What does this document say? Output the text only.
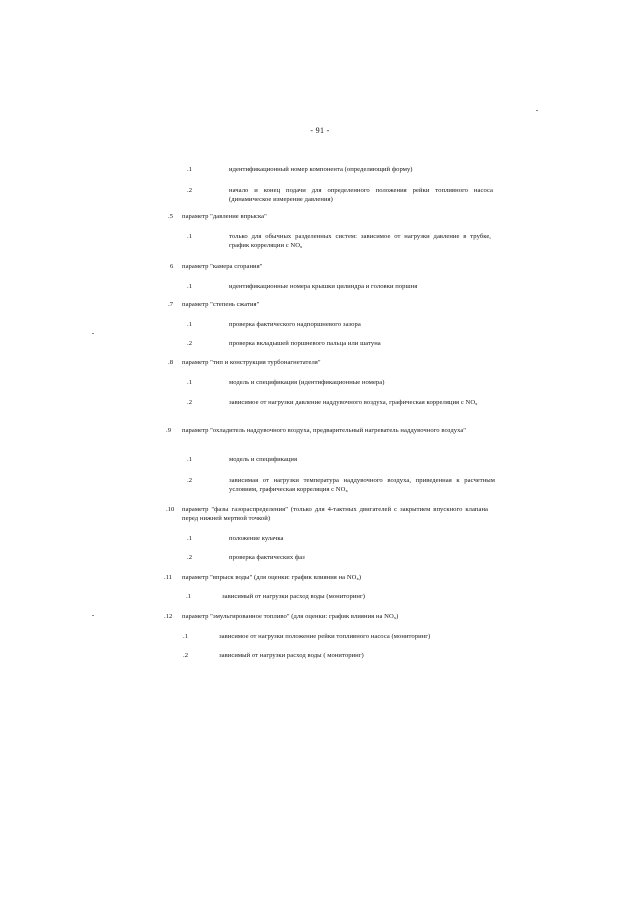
- 91 -
.1	идентификационный номер компонента (определяющий форму)
.2	начало и конец подачи для определенного положения рейки топливного насоса (динамическое измерение давления)
.5 параметр "давление впрыска"
.1	только для обычных разделенных систем: зависимое от нагрузки давление в трубке, график корреляции с $NO_x$
6 параметр "камера сгорания"
.1	идентификационные номера крышки цилиндра и головки поршня
.7 параметр "степень сжатия"
.1	проверка фактического надпоршневого зазора
.2	проверка вкладышей поршневого пальца или шатуна
.8 параметр "тип и конструкция турбонагнетателя"
.1	модель и спецификация (идентификационные номера)
.2	зависимое от нагрузки давление наддувочного воздуха, графическая корреляция с $NO_x$
.9 параметр "охладитель наддувочного воздуха, предварительный нагреватель наддувочного воздуха"
.1	модель и спецификация
.2	зависимая от нагрузки температура наддувочного воздуха, приведенная к расчетным условиям, графическая корреляция с $NO_x$
.10 параметр "фазы газораспределения" (только для 4-тактных двигателей с закрытием впускного клапана перед нижней мертвой точкой)
.1	положение кулачка
.2	проверка фактических фаз
.11 параметр "впрыск воды" (для оценки: график влияния на $NO_x$)
.1	зависимый от нагрузки расход воды (мониторинг)
.12 параметр "эмульгированное топливо" (для оценки: график влияния на $NO_x$)
.1	зависимое от нагрузки положение рейки топливного насоса (мониторинг)
.2	зависимый от нагрузки расход воды ( мониторинг)
